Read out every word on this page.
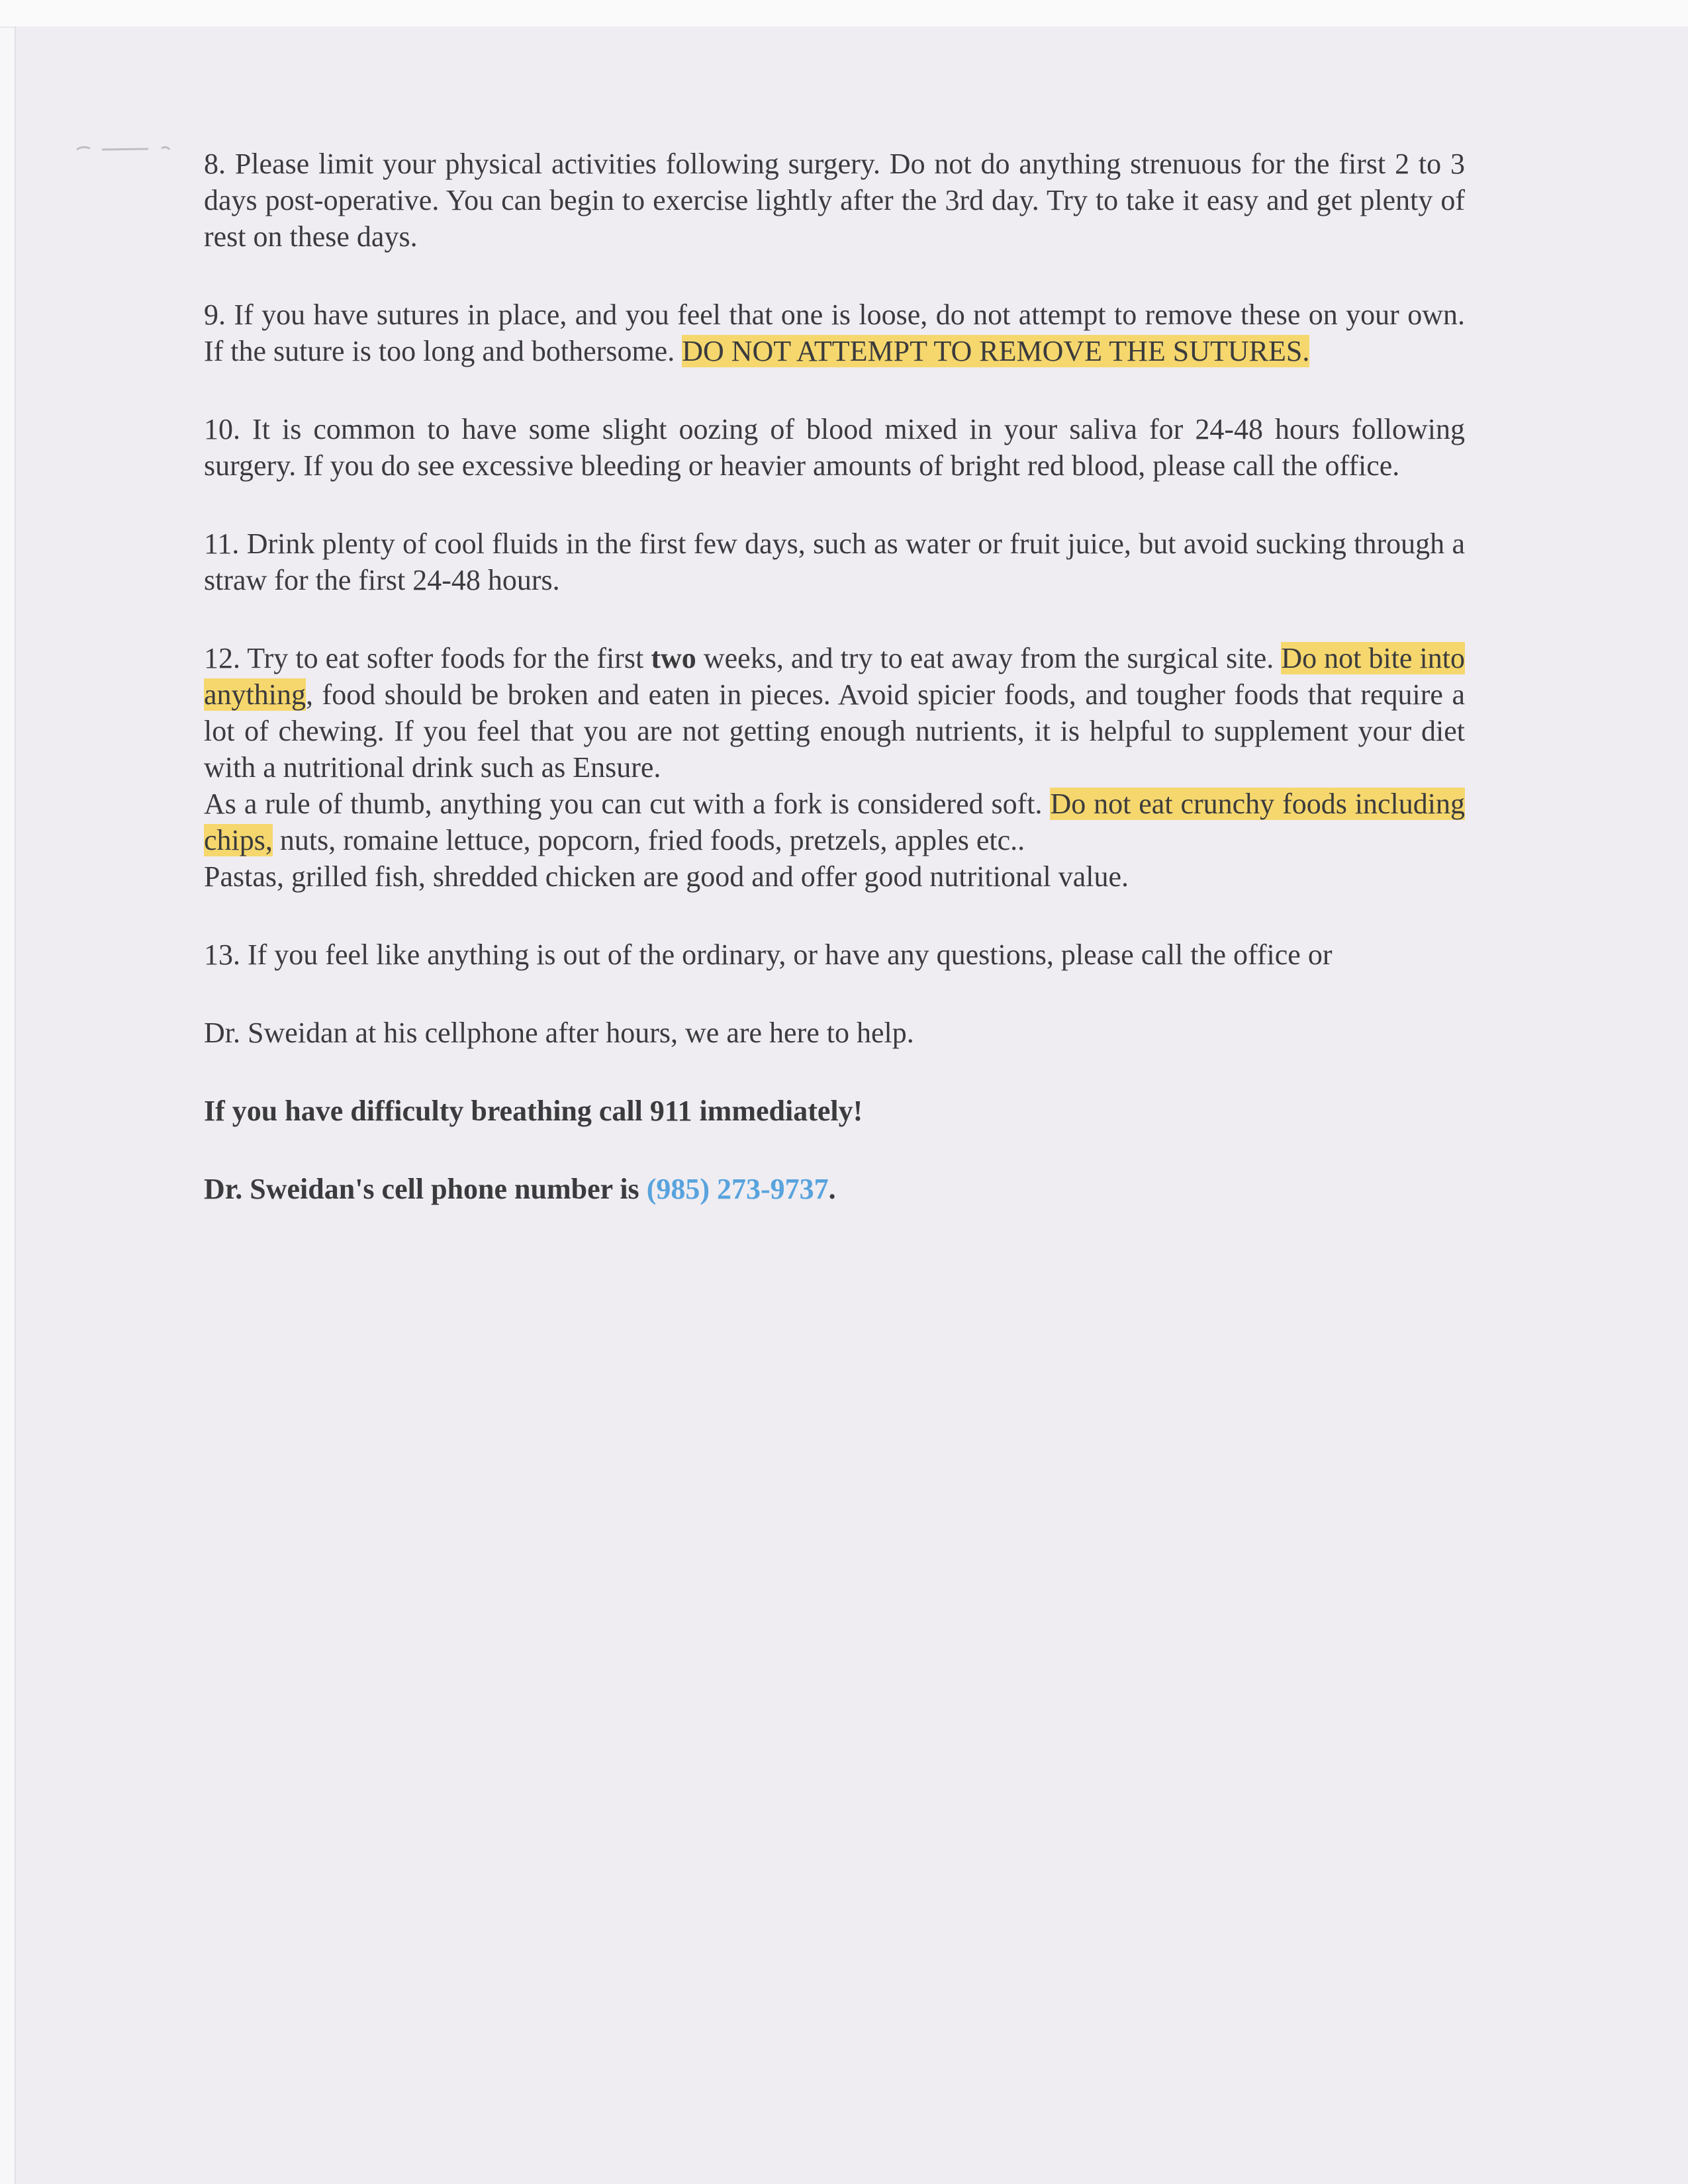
8. Please limit your physical activities following surgery. Do not do anything strenuous for the first 2 to 3 days post-operative. You can begin to exercise lightly after the 3rd day. Try to take it easy and get plenty of rest on these days.

9. If you have sutures in place, and you feel that one is loose, do not attempt to remove these on your own. If the suture is too long and bothersome. DO NOT ATTEMPT TO REMOVE THE SUTURES.

10. It is common to have some slight oozing of blood mixed in your saliva for 24-48 hours following surgery. If you do see excessive bleeding or heavier amounts of bright red blood, please call the office.

11. Drink plenty of cool fluids in the first few days, such as water or fruit juice, but avoid sucking through a straw for the first 24-48 hours.

12. Try to eat softer foods for the first two weeks, and try to eat away from the surgical site. Do not bite into anything, food should be broken and eaten in pieces. Avoid spicier foods, and tougher foods that require a lot of chewing. If you feel that you are not getting enough nutrients, it is helpful to supplement your diet with a nutritional drink such as Ensure.

As a rule of thumb, anything you can cut with a fork is considered soft. Do not eat crunchy foods including chips, nuts, romaine lettuce, popcorn, fried foods, pretzels, apples etc..

Pastas, grilled fish, shredded chicken are good and offer good nutritional value.

13. If you feel like anything is out of the ordinary, or have any questions, please call the office or

Dr. Sweidan at his cellphone after hours, we are here to help.

If you have difficulty breathing call 911 immediately!

Dr. Sweidan's cell phone number is (985) 273-9737.
